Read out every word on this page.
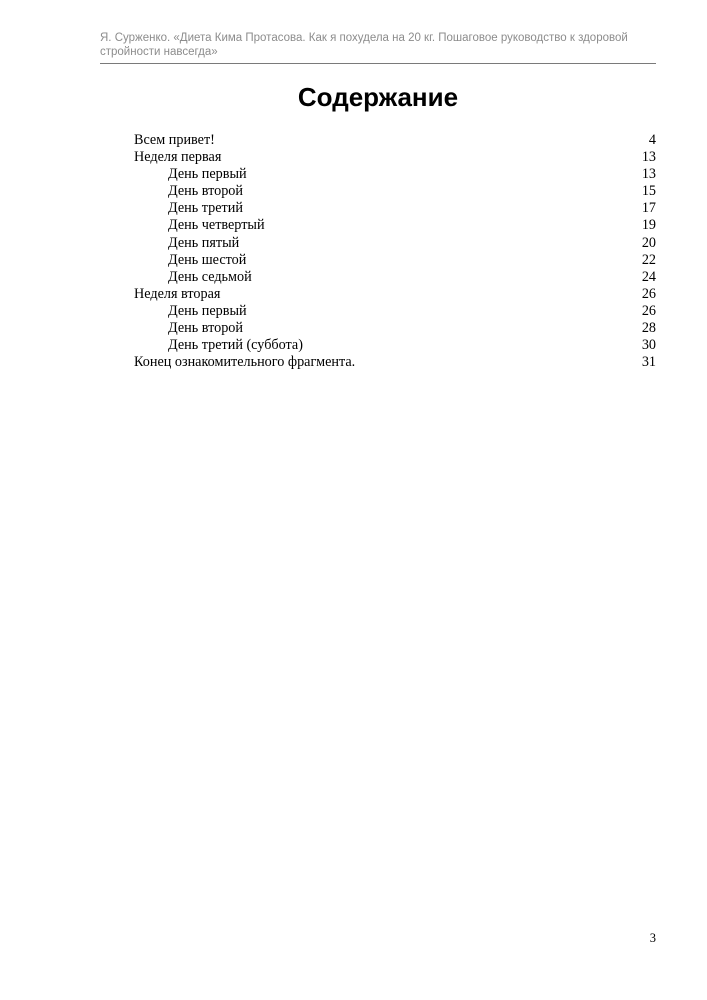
Я. Сурженко. «Диета Кима Протасова. Как я похудела на 20 кг. Пошаговое руководство к здоровой стройности навсегда»
Содержание
Всем привет!	4
Неделя первая	13
День первый	13
День второй	15
День третий	17
День четвертый	19
День пятый	20
День шестой	22
День седьмой	24
Неделя вторая	26
День первый	26
День второй	28
День третий (суббота)	30
Конец ознакомительного фрагмента.	31
3
